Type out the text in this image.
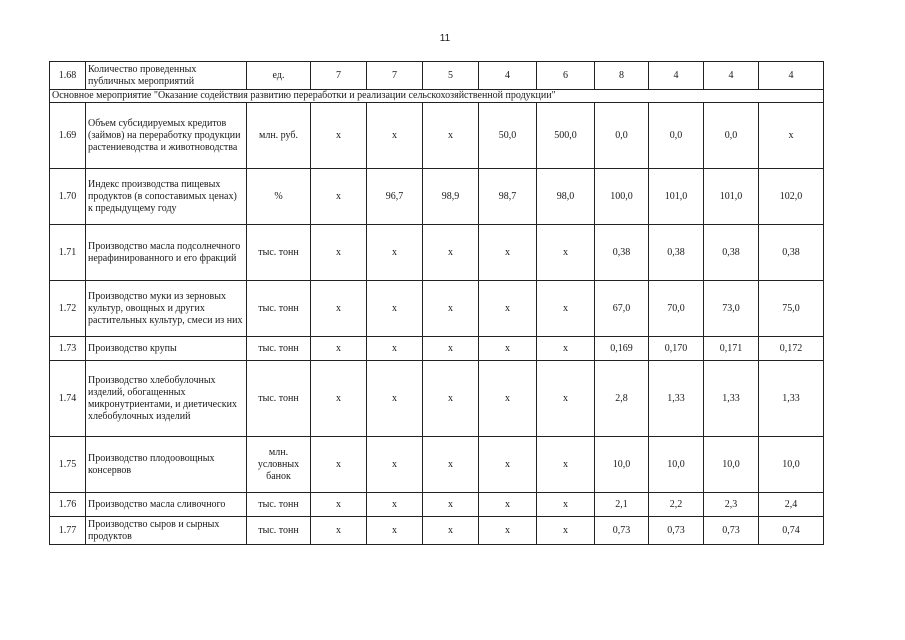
11
1.68	Количество проведенных публичных мероприятий	ед.	7	7	5	4	6	8	4	4	4
Основное мероприятие "Оказание содействия развитию переработки и реализации сельскохозяйственной продукции"											
1.69	Объем субсидируемых кредитов (займов) на переработку продукции растениеводства и животноводства	млн. руб.	x	x	x	50,0	500,0	0,0	0,0	0,0	x
1.70	Индекс производства пищевых продуктов (в сопоставимых ценах) к предыдущему году	%	x	96,7	98,9	98,7	98,0	100,0	101,0	101,0	102,0
1.71	Производство масла подсолнечного нерафинированного и его фракций	тыс. тонн	x	x	x	x	x	0,38	0,38	0,38	0,38
1.72	Производство муки из зерновых культур, овощных и других растительных культур, смеси из них	тыс. тонн	x	x	x	x	x	67,0	70,0	73,0	75,0
1.73	Производство крупы	тыс. тонн	x	x	x	x	x	0,169	0,170	0,171	0,172
1.74	Производство хлебобулочных изделий, обогащенных микронутриентами, и диетических хлебобулочных изделий	тыс. тонн	x	x	x	x	x	2,8	1,33	1,33	1,33
1.75	Производство плодоовощных консервов	млн. условных банок	x	x	x	x	x	10,0	10,0	10,0	10,0
1.76	Производство масла сливочного	тыс. тонн	x	x	x	x	x	2,1	2,2	2,3	2,4
1.77	Производство сыров и сырных продуктов	тыс. тонн	x	x	x	x	x	0,73	0,73	0,73	0,74
